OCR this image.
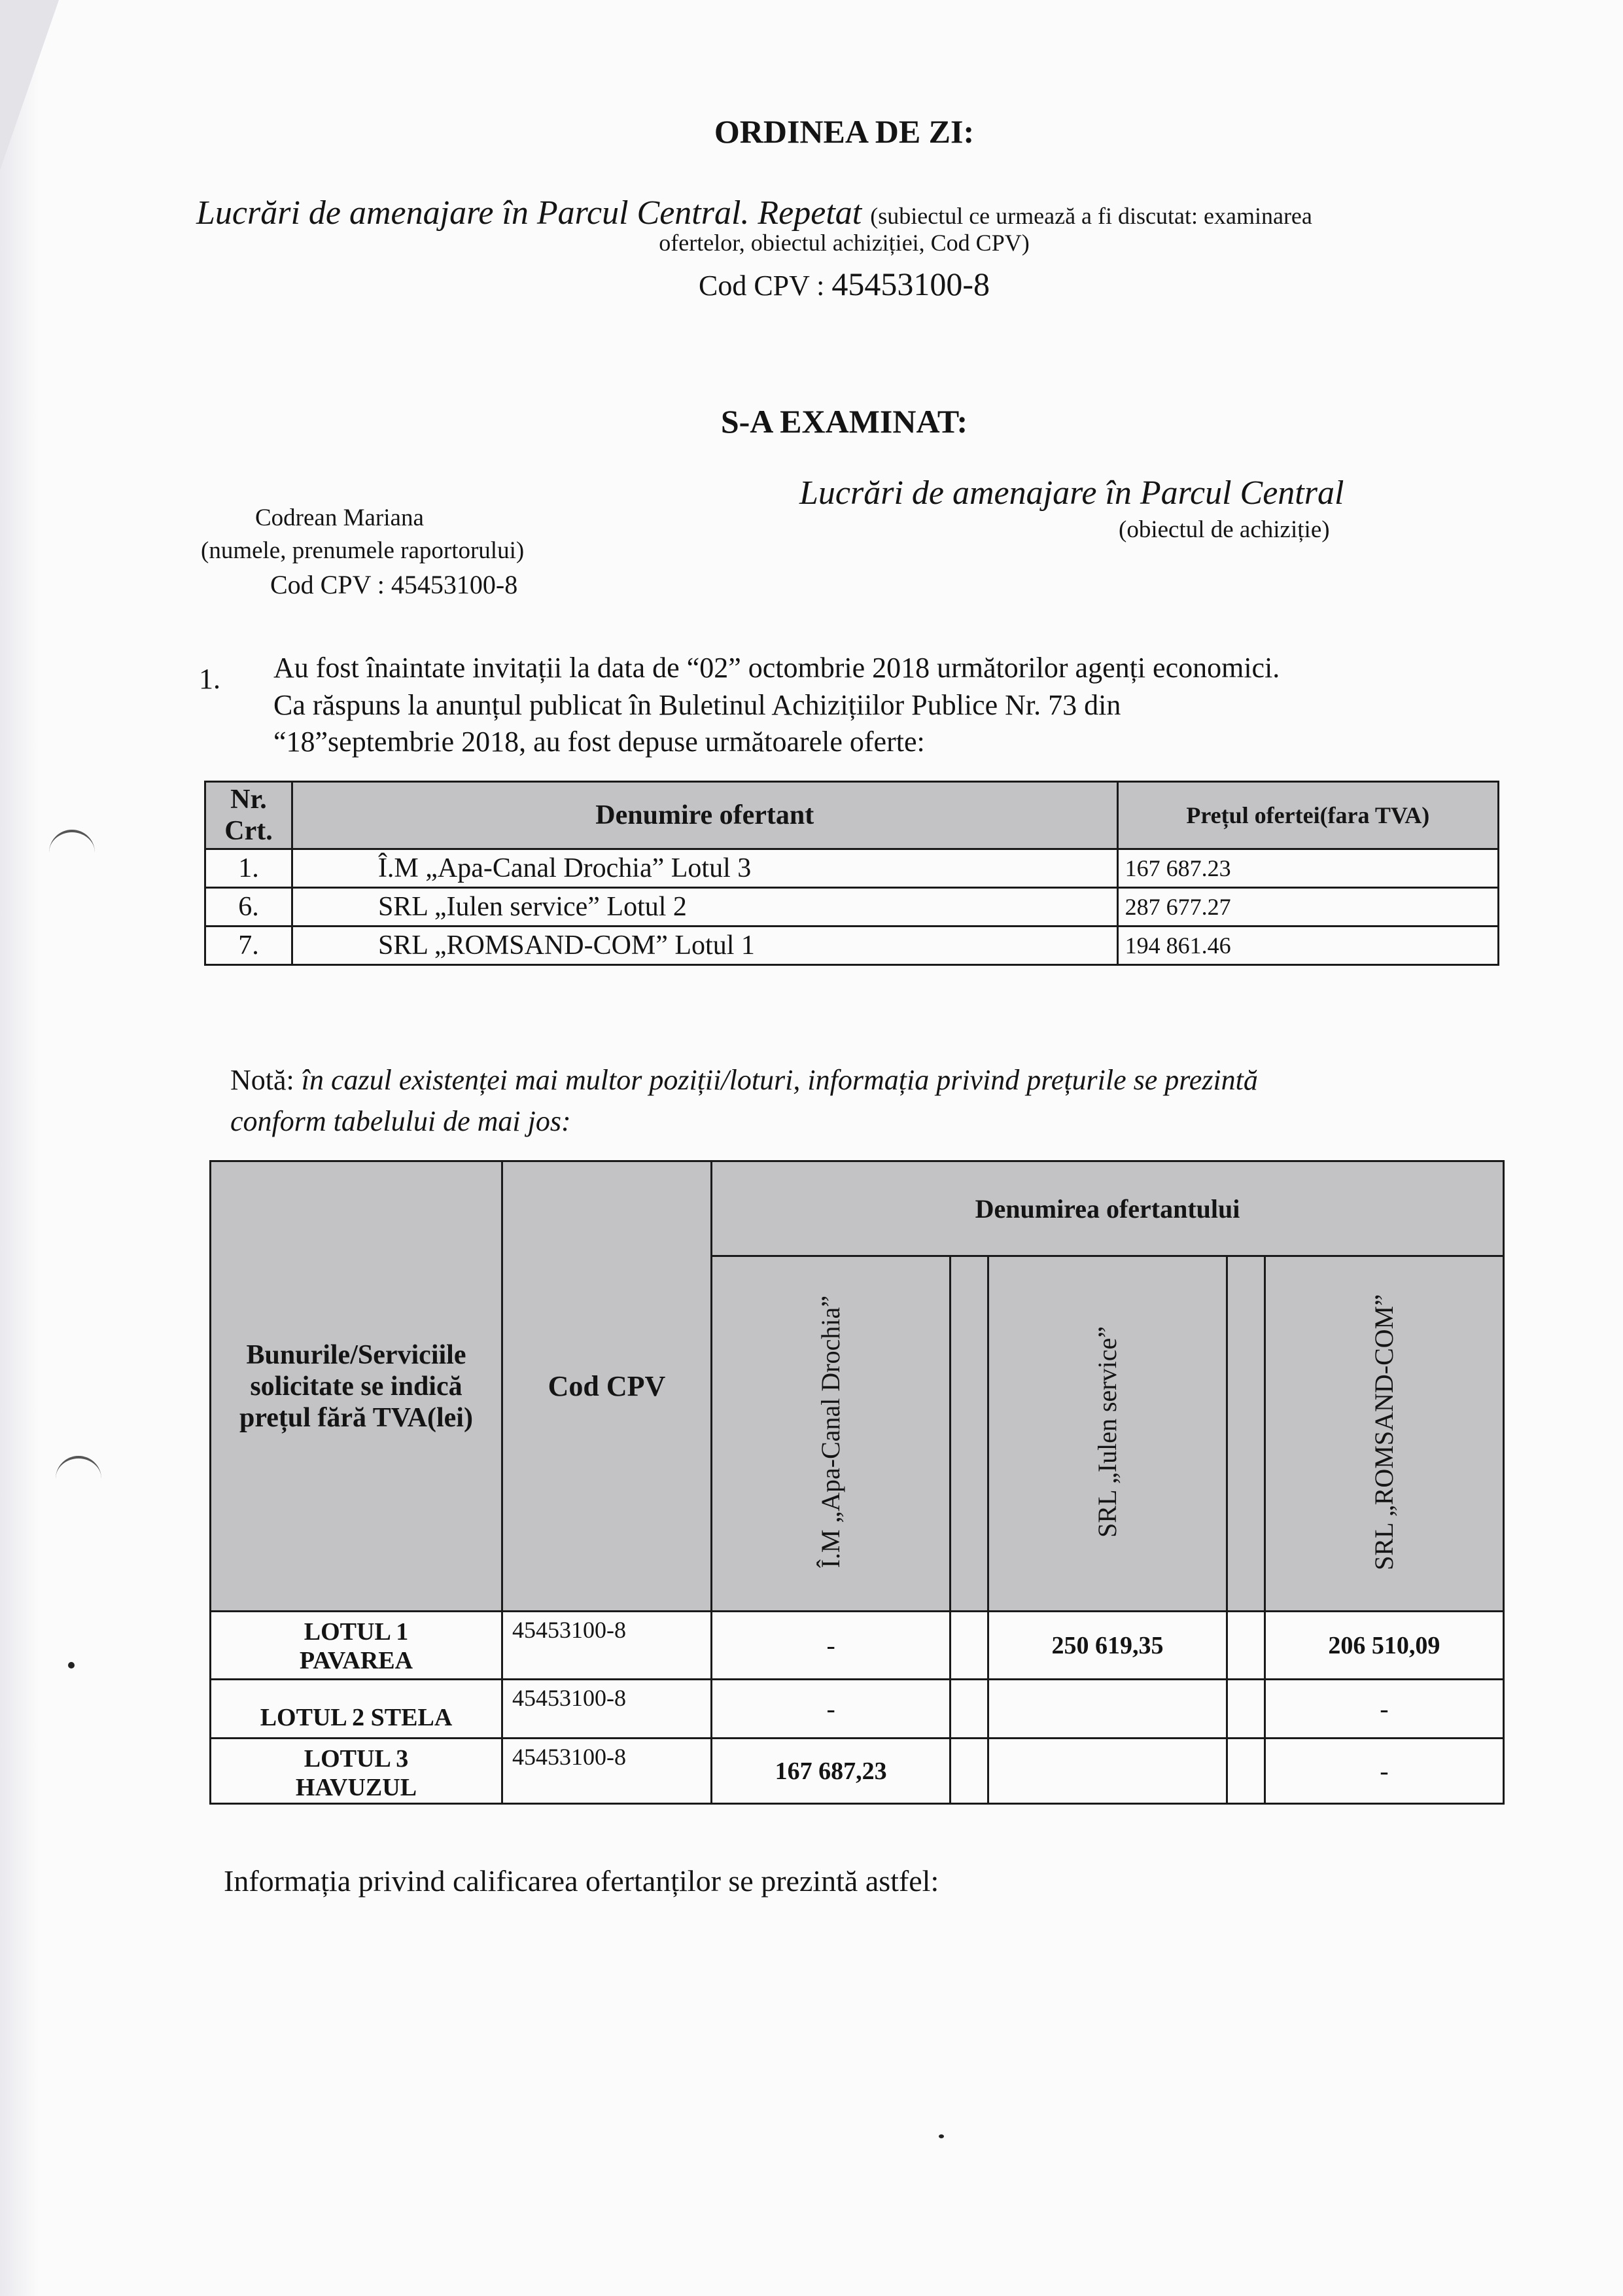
ORDINEA DE ZI:
Lucrări de amenajare în Parcul Central. Repetat (subiectul ce urmează a fi discutat: examinarea
ofertelor, obiectul achiziției, Cod CPV)
Cod CPV : 45453100-8
S-A EXAMINAT:
Codrean Mariana
(numele, prenumele raportorului)
Cod CPV : 45453100-8
Lucrări de amenajare în Parcul Central
(obiectul de achiziție)
1. Au fost înaintate invitații la data de “02” octombrie 2018 următorilor agenți economici.
Ca răspuns la anunțul publicat în Buletinul Achizițiilor Publice Nr. 73 din
“18”septembrie 2018, au fost depuse următoarele oferte:
Nr. Crt.	Denumire ofertant	Prețul ofertei(fara TVA)
1.	Î.M „Apa-Canal Drochia” Lotul 3	167 687.23
6.	SRL „Iulen service” Lotul 2	287 677.27
7.	SRL „ROMSAND-COM” Lotul 1	194 861.46
Notă: în cazul existenței mai multor poziții/loturi, informația privind prețurile se prezintă
conform tabelului de mai jos:
Bunurile/Serviciile solicitate se indică prețul fără TVA(lei)	Cod CPV	Denumirea ofertantului				
		Î.M „Apa-Canal Drochia”		SRL „Iulen service”		SRL „ROMSAND-COM”
LOTUL 1
PAVAREA	45453100-8	-		250 619,35		206 510,09
LOTUL 2 STELA	45453100-8	-				-
LOTUL 3
HAVUZUL	45453100-8	167 687,23				-
Informația privind calificarea ofertanților se prezintă astfel:
